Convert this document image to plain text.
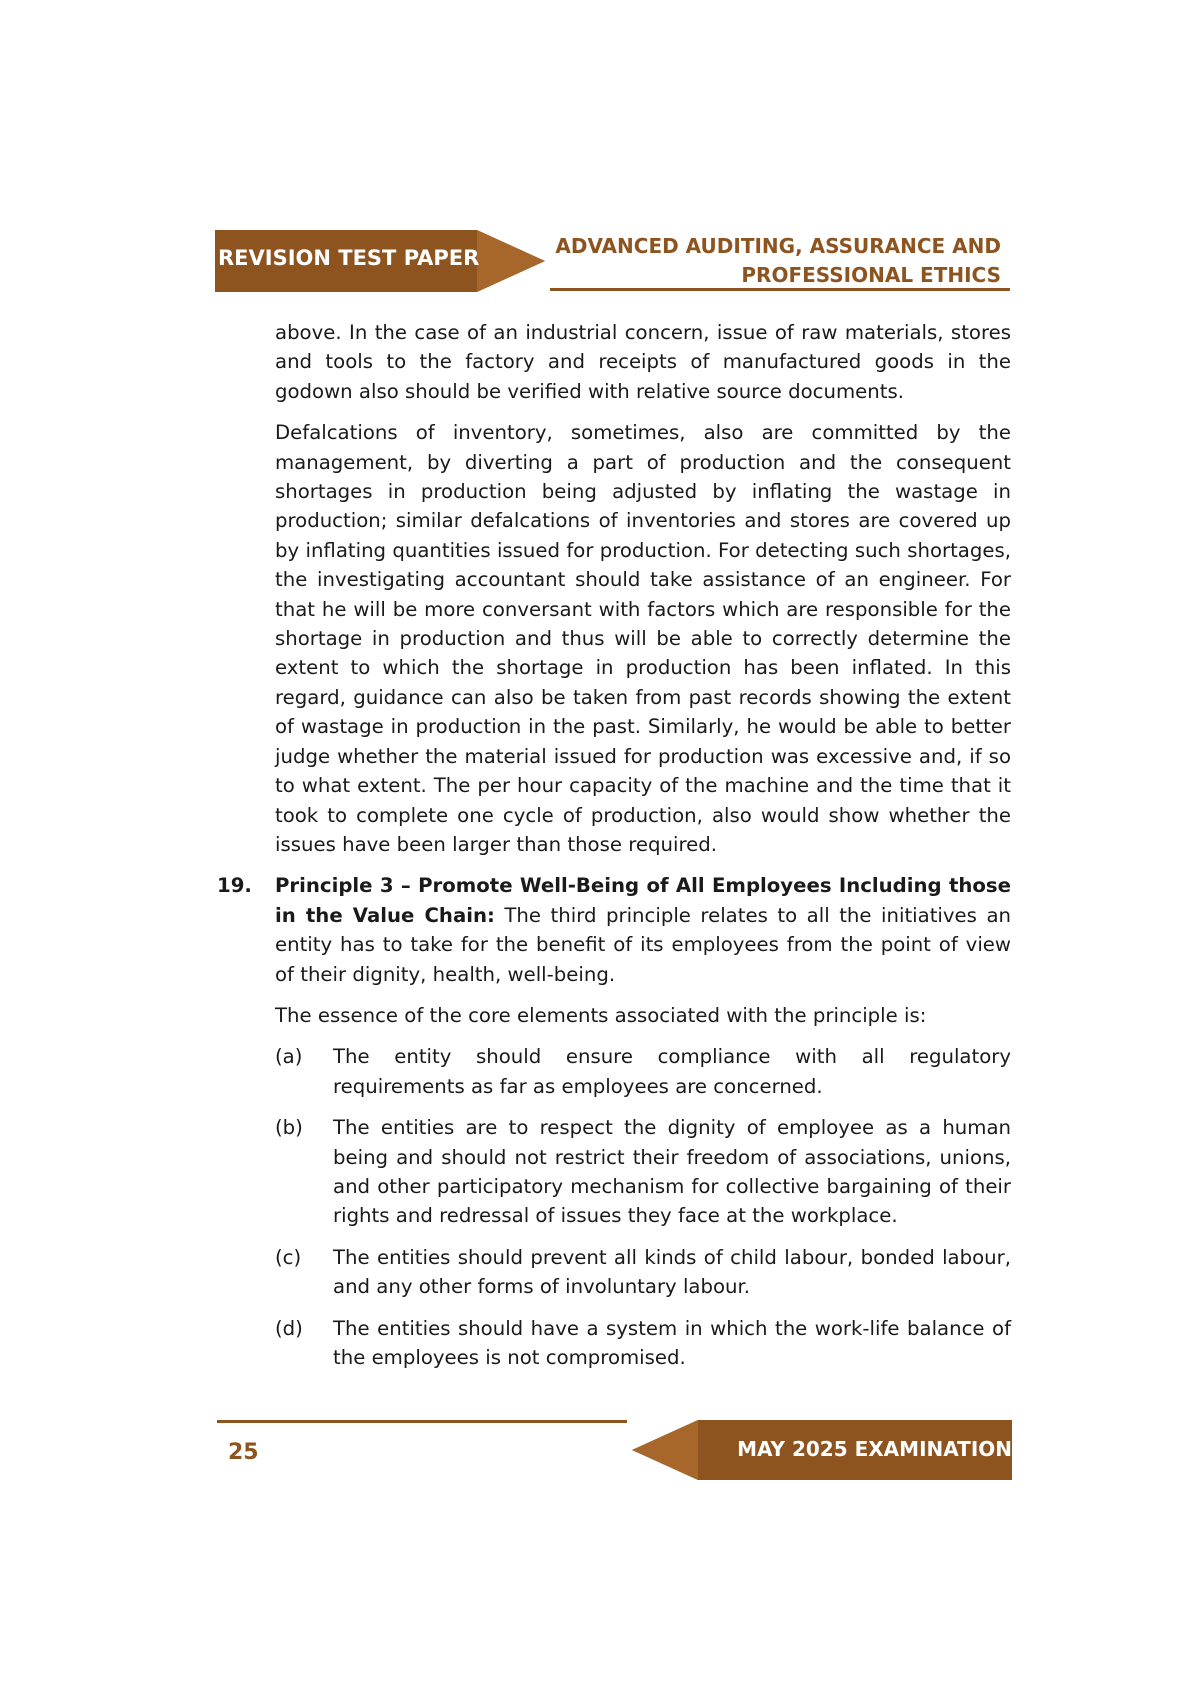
REVISION TEST PAPER	ADVANCED AUDITING, ASSURANCE AND
PROFESSIONAL ETHICS

above. In the case of an industrial concern, issue of raw materials, stores and tools to the factory and receipts of manufactured goods in the godown also should be verified with relative source documents.

Defalcations of inventory, sometimes, also are committed by the management, by diverting a part of production and the consequent shortages in production being adjusted by inflating the wastage in production; similar defalcations of inventories and stores are covered up by inflating quantities issued for production. For detecting such shortages, the investigating accountant should take assistance of an engineer. For that he will be more conversant with factors which are responsible for the shortage in production and thus will be able to correctly determine the extent to which the shortage in production has been inflated. In this regard, guidance can also be taken from past records showing the extent of wastage in production in the past. Similarly, he would be able to better judge whether the material issued for production was excessive and, if so to what extent. The per hour capacity of the machine and the time that it took to complete one cycle of production, also would show whether the issues have been larger than those required.

19. Principle 3 – Promote Well-Being of All Employees Including those in the Value Chain: The third principle relates to all the initiatives an entity has to take for the benefit of its employees from the point of view of their dignity, health, well-being.

The essence of the core elements associated with the principle is:

(a) The entity should ensure compliance with all regulatory requirements as far as employees are concerned.
(b) The entities are to respect the dignity of employee as a human being and should not restrict their freedom of associations, unions, and other participatory mechanism for collective bargaining of their rights and redressal of issues they face at the workplace.
(c) The entities should prevent all kinds of child labour, bonded labour, and any other forms of involuntary labour.
(d) The entities should have a system in which the work-life balance of the employees is not compromised.
25	MAY 2025 EXAMINATION
